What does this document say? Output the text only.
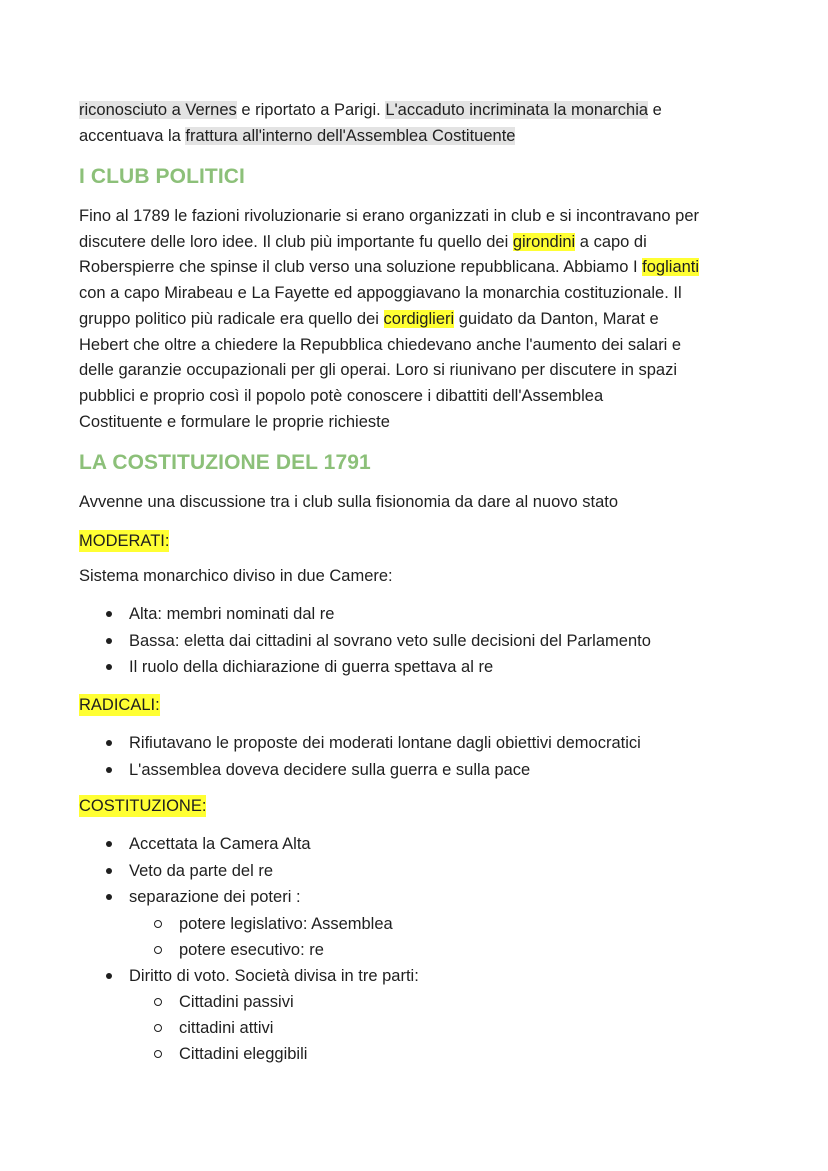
riconosciuto a Vernes e riportato a Parigi. L'accaduto incriminata la monarchia e
accentuava la frattura all'interno dell'Assemblea Costituente

I CLUB POLITICI

Fino al 1789 le fazioni rivoluzionarie si erano organizzati in club e si incontravano per
discutere delle loro idee. Il club più importante fu quello dei girondini a capo di
Roberspierre che spinse il club verso una soluzione repubblicana. Abbiamo I foglianti
con a capo Mirabeau e La Fayette ed appoggiavano la monarchia costituzionale. Il
gruppo politico più radicale era quello dei cordiglieri guidato da Danton, Marat e
Hebert che oltre a chiedere la Repubblica chiedevano anche l'aumento dei salari e
delle garanzie occupazionali per gli operai. Loro si riunivano per discutere in spazi
pubblici e proprio così il popolo potè conoscere i dibattiti dell'Assemblea
Costituente e formulare le proprie richieste

LA COSTITUZIONE DEL 1791

Avvenne una discussione tra i club sulla fisionomia da dare al nuovo stato

MODERATI:

Sistema monarchico diviso in due Camere:

Alta: membri nominati dal re
Bassa: eletta dai cittadini al sovrano veto sulle decisioni del Parlamento
Il ruolo della dichiarazione di guerra spettava al re
RADICALI:
Rifiutavano le proposte dei moderati lontane dagli obiettivi democratici
L'assemblea doveva decidere sulla guerra e sulla pace
COSTITUZIONE:
Accettata la Camera Alta
Veto da parte del re
separazione dei poteri :
potere legislativo: Assemblea
potere esecutivo: re
Diritto di voto. Società divisa in tre parti:
Cittadini passivi
cittadini attivi
Cittadini eleggibili
